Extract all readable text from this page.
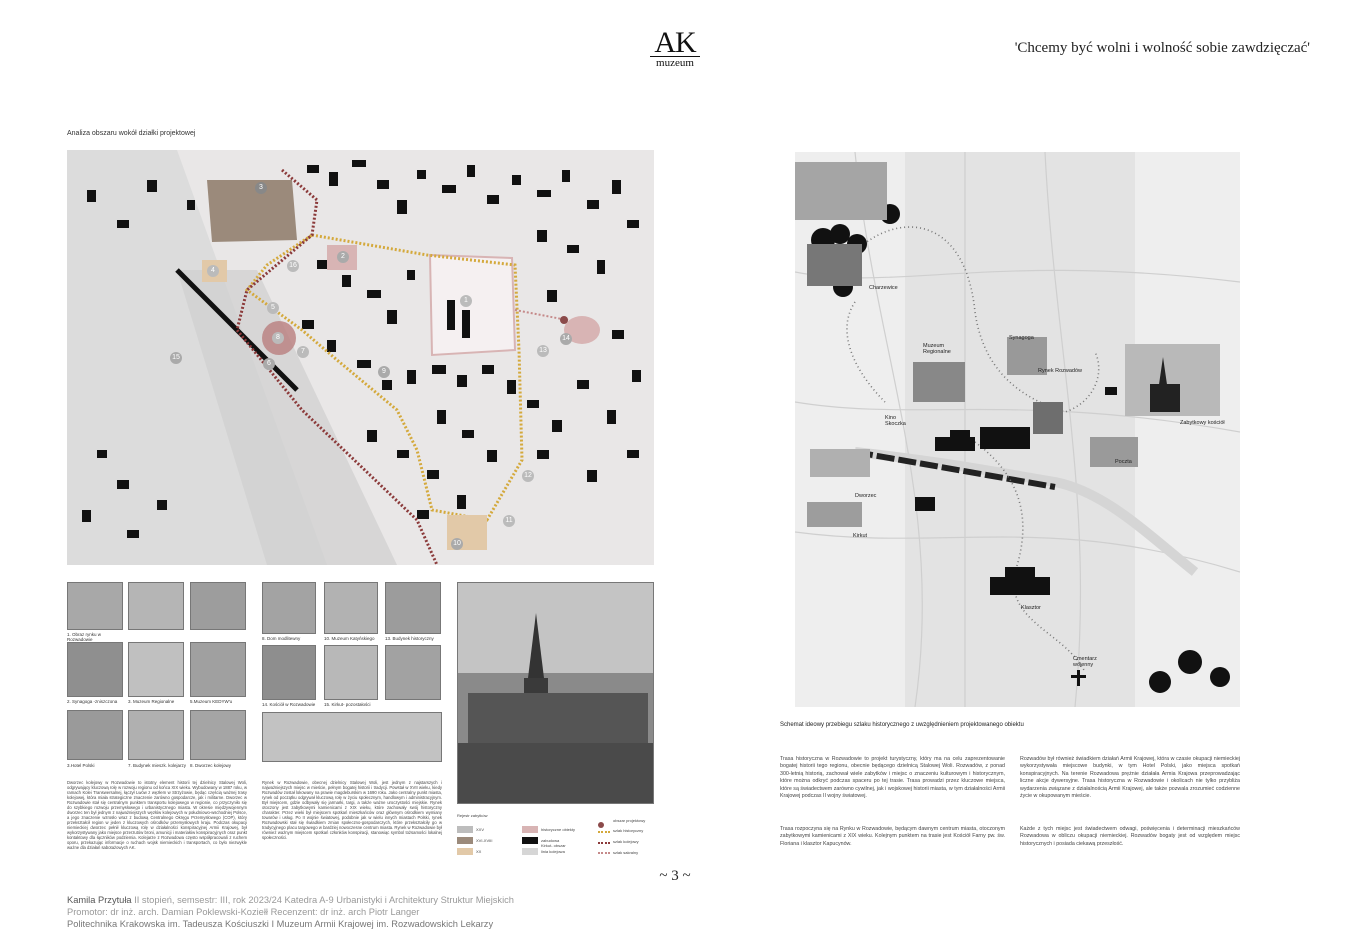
AK
muzeum
'Chcemy być wolni i wolność sobie zawdzięczać'
Analiza obszaru wokół działki projektowej
3
2
1
4
5
6
7
8
9
10
11
12
13
14
15
16
1. Obraz rynku w Rozwadowie
2. Synagoga -zniszczona	3. Muzeum Regionalne	5.Muzeum KEDYW'u
3.Hotel Polski	7. Budynek mieszk. kolejarzy 8. Dworzec kolejowy
Dworzec kolejowy w Rozwadowie to istotny element historii tej dzielnicy Stalowej Woli, odgrywający kluczową rolę w rozwoju regionu od końca XIX wieku. Wybudowany w 1887 roku, w ramach Kolei Transwersalnej, łączył Lwów z węzłem w Strzyżowie, będąc częścią ważnej trasy kolejowej, która miała strategiczne znaczenie zarówno gospodarcze, jak i militarne. Dworzec w Rozwadowie stał się centralnym punktem transportu kolejowego w regionie, co przyczyniło się do szybkiego rozwoju przemysłowego i urbanistycznego miasta. W okresie międzywojennym dworzec ten był jednym z najważniejszych węzłów kolejowych w południowo-wschodniej Polsce, a jego znaczenie wzrosło wraz z budową Centralnego Okręgu Przemysłowego (COP), który przekształcił region w jeden z kluczowych ośrodków przemysłowych kraju. Podczas okupacji niemieckiej dworzec pełnił kluczową rolę w działalności konspiracyjnej Armii Krajowej, był wykorzystywany jako miejsce przerzutów broni, amunicji i materiałów konspiracyjnych oraz punkt kontaktowy dla łączników podziemia. Kolejarze z Rozwadowa często współpracowali z ruchem oporu, przekazując informacje o ruchach wojsk niemieckich i transportach, co było niezwykle ważne dla działań sabotażowych AK.
8. Dom modlitewny	10. Muzeum Katyńskiego	13. Budynek historyczny
14. Kościół w Rozwadowie	15. Kirkut- pozostałości
Rynek w Rozwadowie, obecnej dzielnicy Stalowej Woli, jest jednym z najstarszych i najważniejszych miejsc w mieście, pełnym bogatej historii i tradycji. Powstał w XVII wieku, kiedy Rozwadów został lokowany na prawie magdeburskim w 1690 roku. Jako centralny punkt miasta, rynek od początku odgrywał kluczową rolę w życiu społecznym, handlowym i administracyjnym. Był miejscem, gdzie odbywały się jarmarki, targi, a także ważne uroczystości miejskie. Rynek otoczony jest zabytkowymi kamienicami z XIX wieku, które zachowały swój historyczny charakter. Przez wieki był miejscem spotkań mieszkańców oraz głównym ośrodkiem wymiany towarów i usług. Po II wojnie światowej, podobnie jak w wielu innych miastach Polski, rynek Rozwadowski stał się świadkiem zmian społeczno-gospodarczych, które przekształciły go w tradycyjnego placu targowego w bardziej nowoczesne centrum miasta. Rynek w Rozwadowie był również ważnym miejscem spotkań członków konspiracji, stanowiąc symbol tożsamości lokalnej społeczności.
Rejestr zabytków
XXV	historyczne obiekty
obszar projektowy
XVI-XVIII	zabudowa
szlak historyczny
XX
szlak kolejowy
linia kolejowa	szlak sakralny
Kirkut- obszar
Charzewice
Muzeum Regionalne
Synagoga
Rynek Rozwadów
Kino Skoczka	Zabytkowy kościół
Poczta
Dworzec
Kirkut
Klasztor
Cmentarz wojenny
Schemat ideowy przebiegu szlaku historycznego z uwzględnieniem projektowanego obiektu
Trasa historyczna w Rozwadowie to projekt turystyczny, który ma na celu zaprezentowanie bogatej historii tego regionu, obecnie będącego dzielnicą Stalowej Woli. Rozwadów, z ponad 300-letnią historią, zachował wiele zabytków i miejsc o znaczeniu kulturowym i historycznym, które można odkryć podczas spaceru po tej trasie. Trasa prowadzi przez kluczowe miejsca, które są świadectwem zarówno cywilnej, jak i wojskowej historii miasta, w tym działalności Armii Krajowej podczas II wojny światowej.
Trasa rozpoczyna się na Rynku w Rozwadowie, będącym dawnym centrum miasta, otoczonym zabytkowymi kamienicami z XIX wieku. Kolejnym punktem na trasie jest Kościół Farny pw. św. Floriana i klasztor Kapucynów.
Rozwadów był również świadkiem działań Armii Krajowej, która w czasie okupacji niemieckiej wykorzystywała miejscowe budynki, w tym Hotel Polski, jako miejsca spotkań konspiracyjnych. Na terenie Rozwadowa prężnie działała Armia Krajowa przeprowadzając liczne akcje dywersyjne. Trasa historyczna w Rozwadowie i okolicach nie tylko przybliża wydarzenia związane z działalnością Armii Krajowej, ale także pozwala zrozumieć codzienne życie w okupowanym mieście.
Każde z tych miejsc jest świadectwem odwagi, poświęcenia i determinacji mieszkańców Rozwadowa w obliczu okupacji niemieckiej. Rozwadów bogaty jest od względem miejsc historycznych i posiada ciekawą przeszłość.
~ 3 ~
Kamila Przytuła II stopień, semsestr: III, rok 2023/24 Katedra A-9 Urbanistyki i Architektury Struktur Miejskich
Promotor: dr inż. arch. Damian Poklewski-Koziełł Recenzent: dr inż. arch Piotr Langer
Politechnika Krakowska im. Tadeusza Kościuszki I Muzeum Armii Krajowej im. Rozwadowskich Lekarzy
